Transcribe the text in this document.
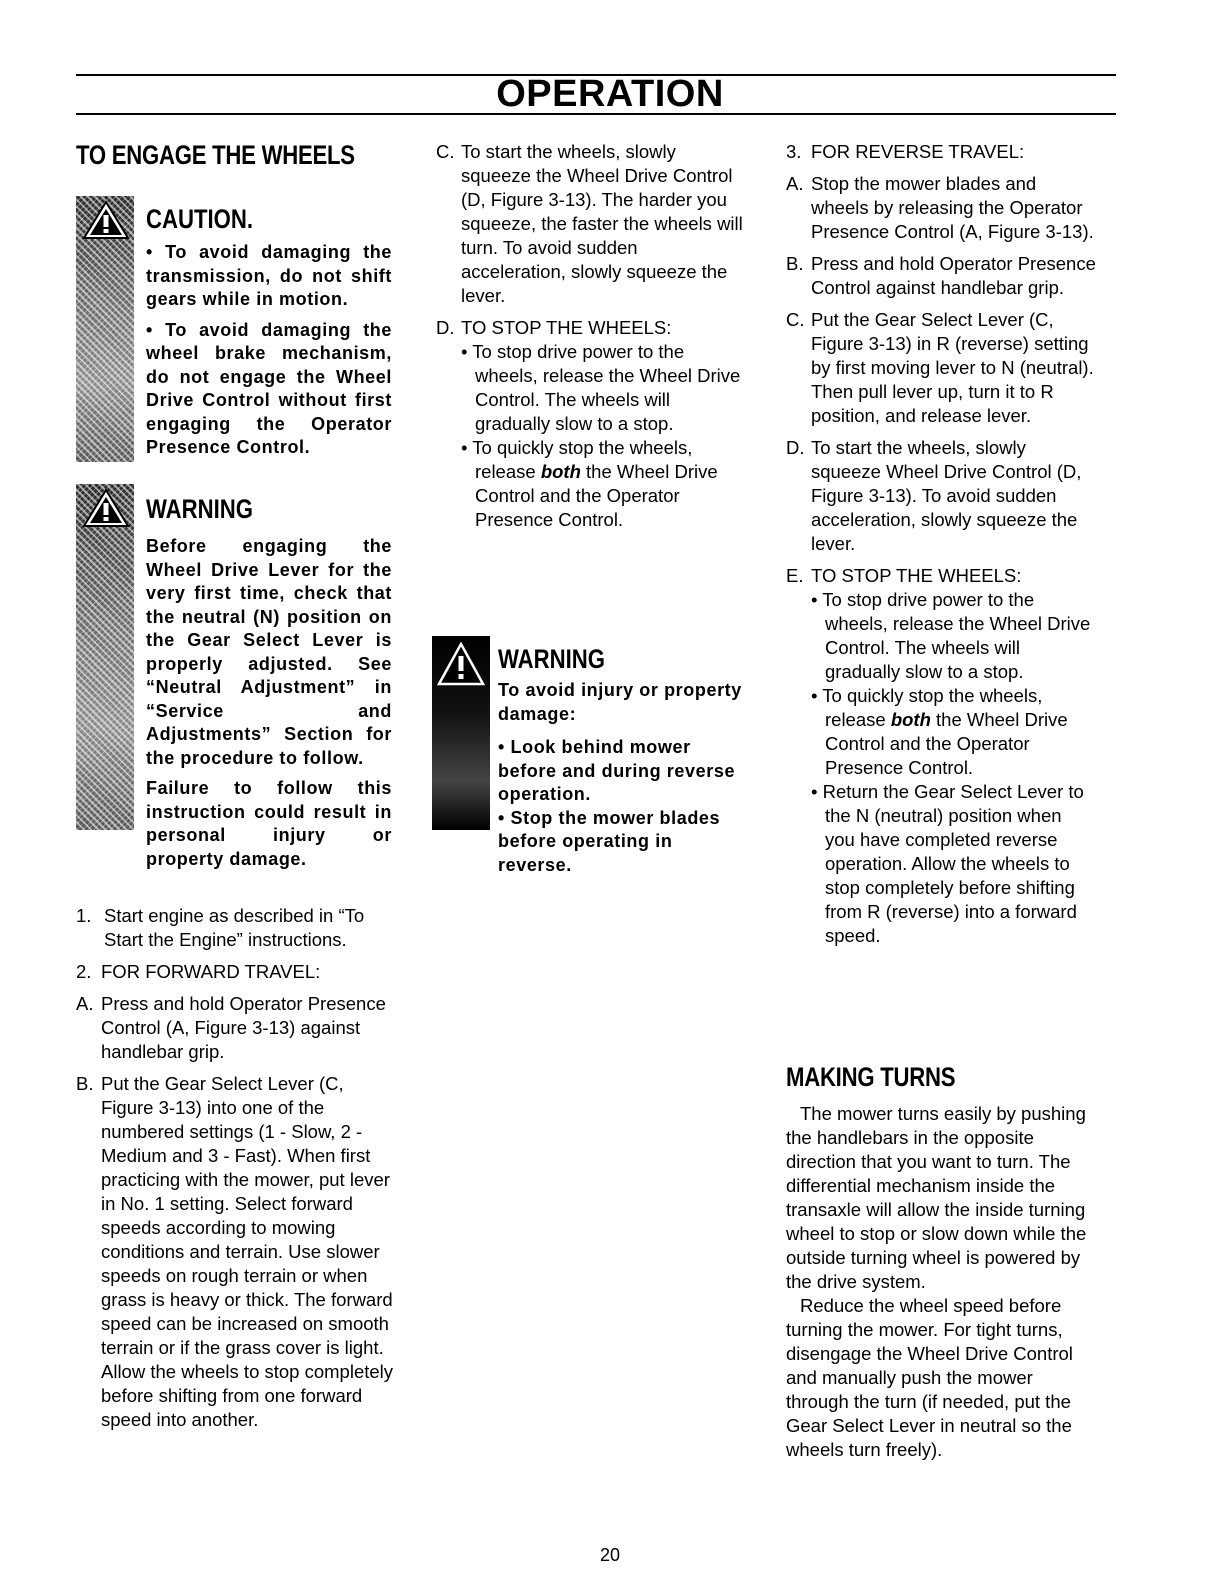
OPERATION
TO ENGAGE THE WHEELS
CAUTION.

• To avoid damaging the transmission, do not shift gears while in motion.

• To avoid damaging the wheel brake mechanism, do not engage the Wheel Drive Control without first engaging the Operator Presence Control.

WARNING

Before engaging the Wheel Drive Lever for the very first time, check that the neutral (N) position on the Gear Select Lever is properly adjusted. See “Neutral Adjustment” in “Service and Adjustments” Section for the procedure to follow.

Failure to follow this instruction could result in personal injury or property damage.

1. Start engine as described in “To Start the Engine” instructions.
2. FOR FORWARD TRAVEL:
A. Press and hold Operator Presence Control (A, Figure 3-13) against handlebar grip.
B. Put the Gear Select Lever (C, Figure 3-13) into one of the numbered settings (1 - Slow, 2 - Medium and 3 - Fast). When first practicing with the mower, put lever in No. 1 setting. Select forward speeds according to mowing conditions and terrain. Use slower speeds on rough terrain or when grass is heavy or thick. The forward speed can be increased on smooth terrain or if the grass cover is light. Allow the wheels to stop completely before shifting from one forward speed into another.
C. To start the wheels, slowly squeeze the Wheel Drive Control (D, Figure 3-13). The harder you squeeze, the faster the wheels will turn. To avoid sudden acceleration, slowly squeeze the lever.
D. TO STOP THE WHEELS:
• To stop drive power to the wheels, release the Wheel Drive Control. The wheels will gradually slow to a stop.
• To quickly stop the wheels, release both the Wheel Drive Control and the Operator Presence Control.
WARNING

To avoid injury or property damage:

• Look behind mower before and during reverse operation.
• Stop the mower blades before operating in reverse.
3. FOR REVERSE TRAVEL:
A. Stop the mower blades and wheels by releasing the Operator Presence Control (A, Figure 3-13).
B. Press and hold Operator Presence Control against handlebar grip.
C. Put the Gear Select Lever (C, Figure 3-13) in R (reverse) setting by first moving lever to N (neutral). Then pull lever up, turn it to R position, and release lever.
D. To start the wheels, slowly squeeze Wheel Drive Control (D, Figure 3-13). To avoid sudden acceleration, slowly squeeze the lever.
E. TO STOP THE WHEELS:
• To stop drive power to the wheels, release the Wheel Drive Control. The wheels will gradually slow to a stop.
• To quickly stop the wheels, release both the Wheel Drive Control and the Operator Presence Control.
• Return the Gear Select Lever to the N (neutral) position when you have completed reverse operation. Allow the wheels to stop completely before shifting from R (reverse) into a forward speed.
MAKING TURNS
The mower turns easily by pushing the handlebars in the opposite direction that you want to turn. The differential mechanism inside the transaxle will allow the inside turning wheel to stop or slow down while the outside turning wheel is powered by the drive system.
Reduce the wheel speed before turning the mower. For tight turns, disengage the Wheel Drive Control and manually push the mower through the turn (if needed, put the Gear Select Lever in neutral so the wheels turn freely).
20
